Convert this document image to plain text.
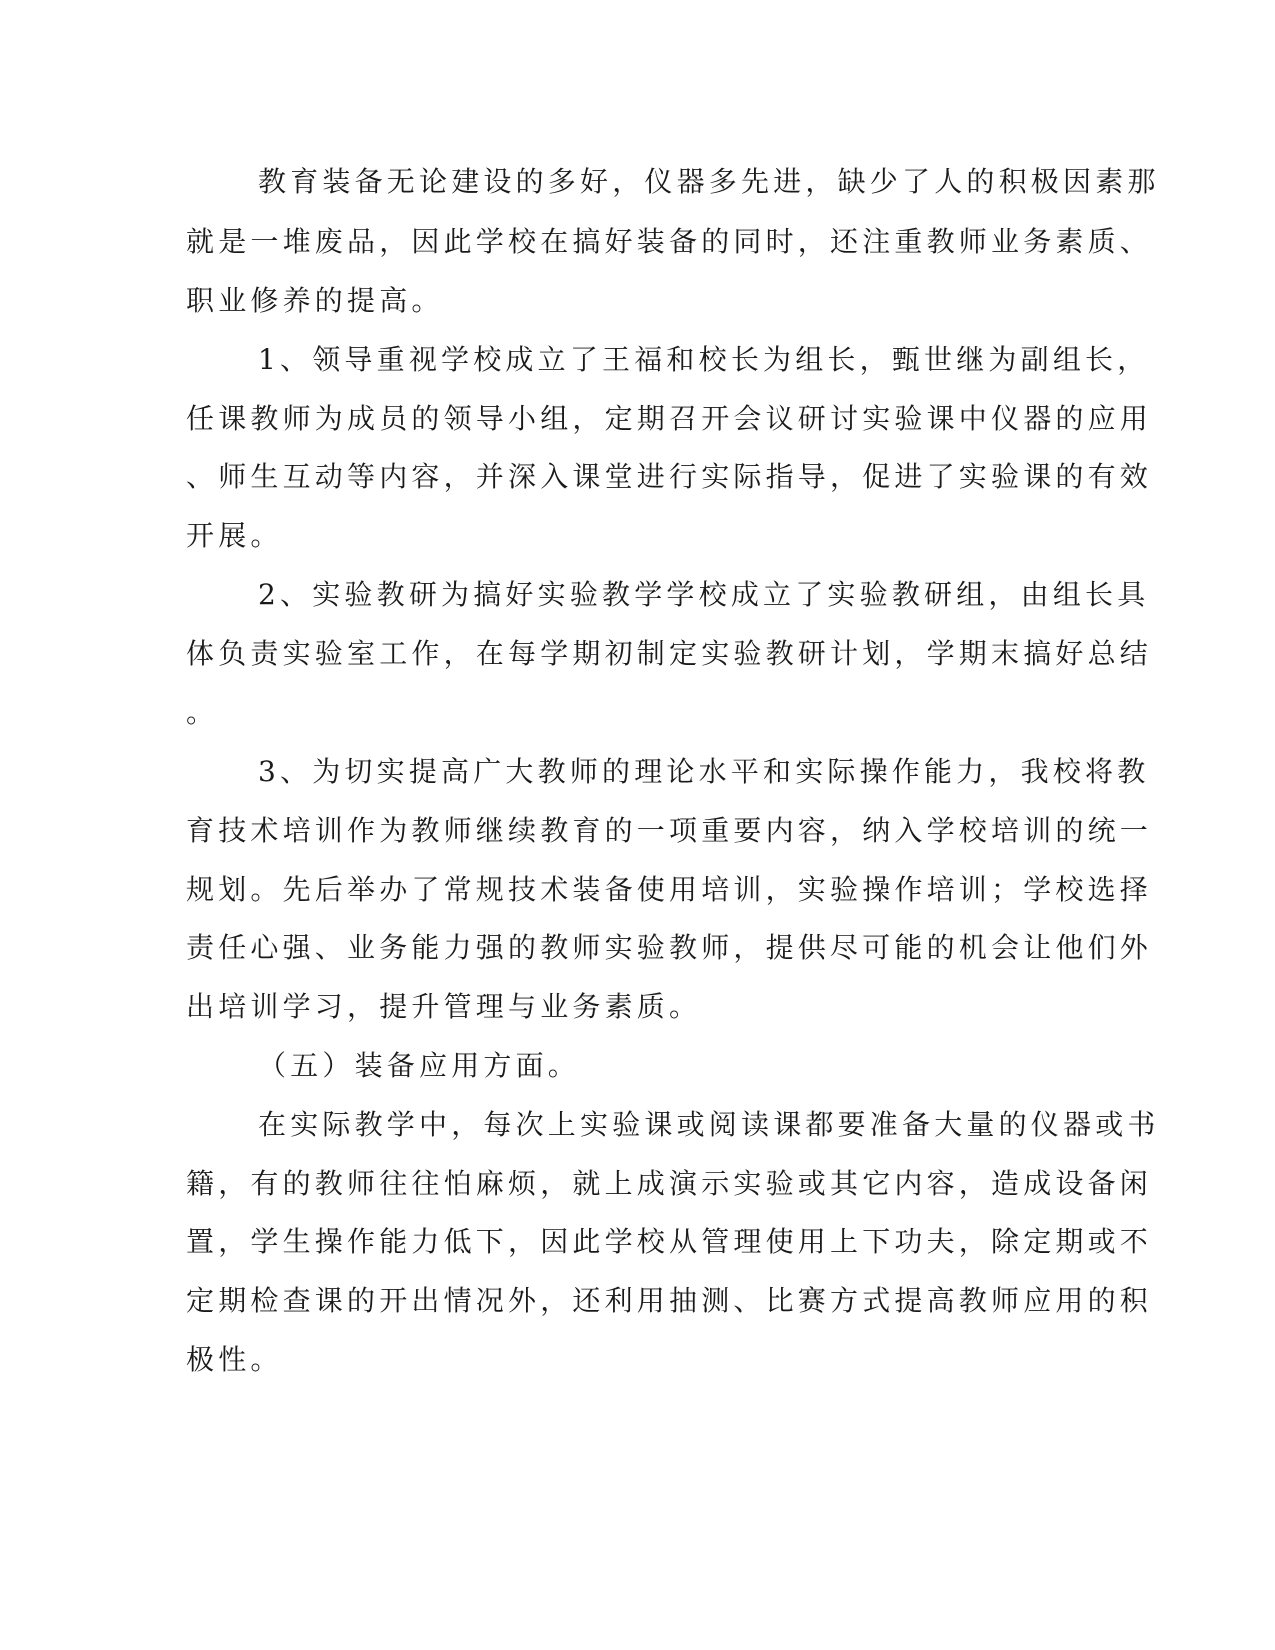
教育装备无论建设的多好，仪器多先进，缺少了人的积极因素那
就是一堆废品，因此学校在搞好装备的同时，还注重教师业务素质、
职业修养的提高。
1、领导重视学校成立了王福和校长为组长，甄世继为副组长，
任课教师为成员的领导小组，定期召开会议研讨实验课中仪器的应用
、师生互动等内容，并深入课堂进行实际指导，促进了实验课的有效
开展。
2、实验教研为搞好实验教学学校成立了实验教研组，由组长具
体负责实验室工作，在每学期初制定实验教研计划，学期末搞好总结
。
3、为切实提高广大教师的理论水平和实际操作能力，我校将教
育技术培训作为教师继续教育的一项重要内容，纳入学校培训的统一
规划。先后举办了常规技术装备使用培训，实验操作培训；学校选择
责任心强、业务能力强的教师实验教师，提供尽可能的机会让他们外
出培训学习，提升管理与业务素质。
（五）装备应用方面。
在实际教学中，每次上实验课或阅读课都要准备大量的仪器或书
籍，有的教师往往怕麻烦，就上成演示实验或其它内容，造成设备闲
置，学生操作能力低下，因此学校从管理使用上下功夫，除定期或不
定期检查课的开出情况外，还利用抽测、比赛方式提高教师应用的积
极性。
